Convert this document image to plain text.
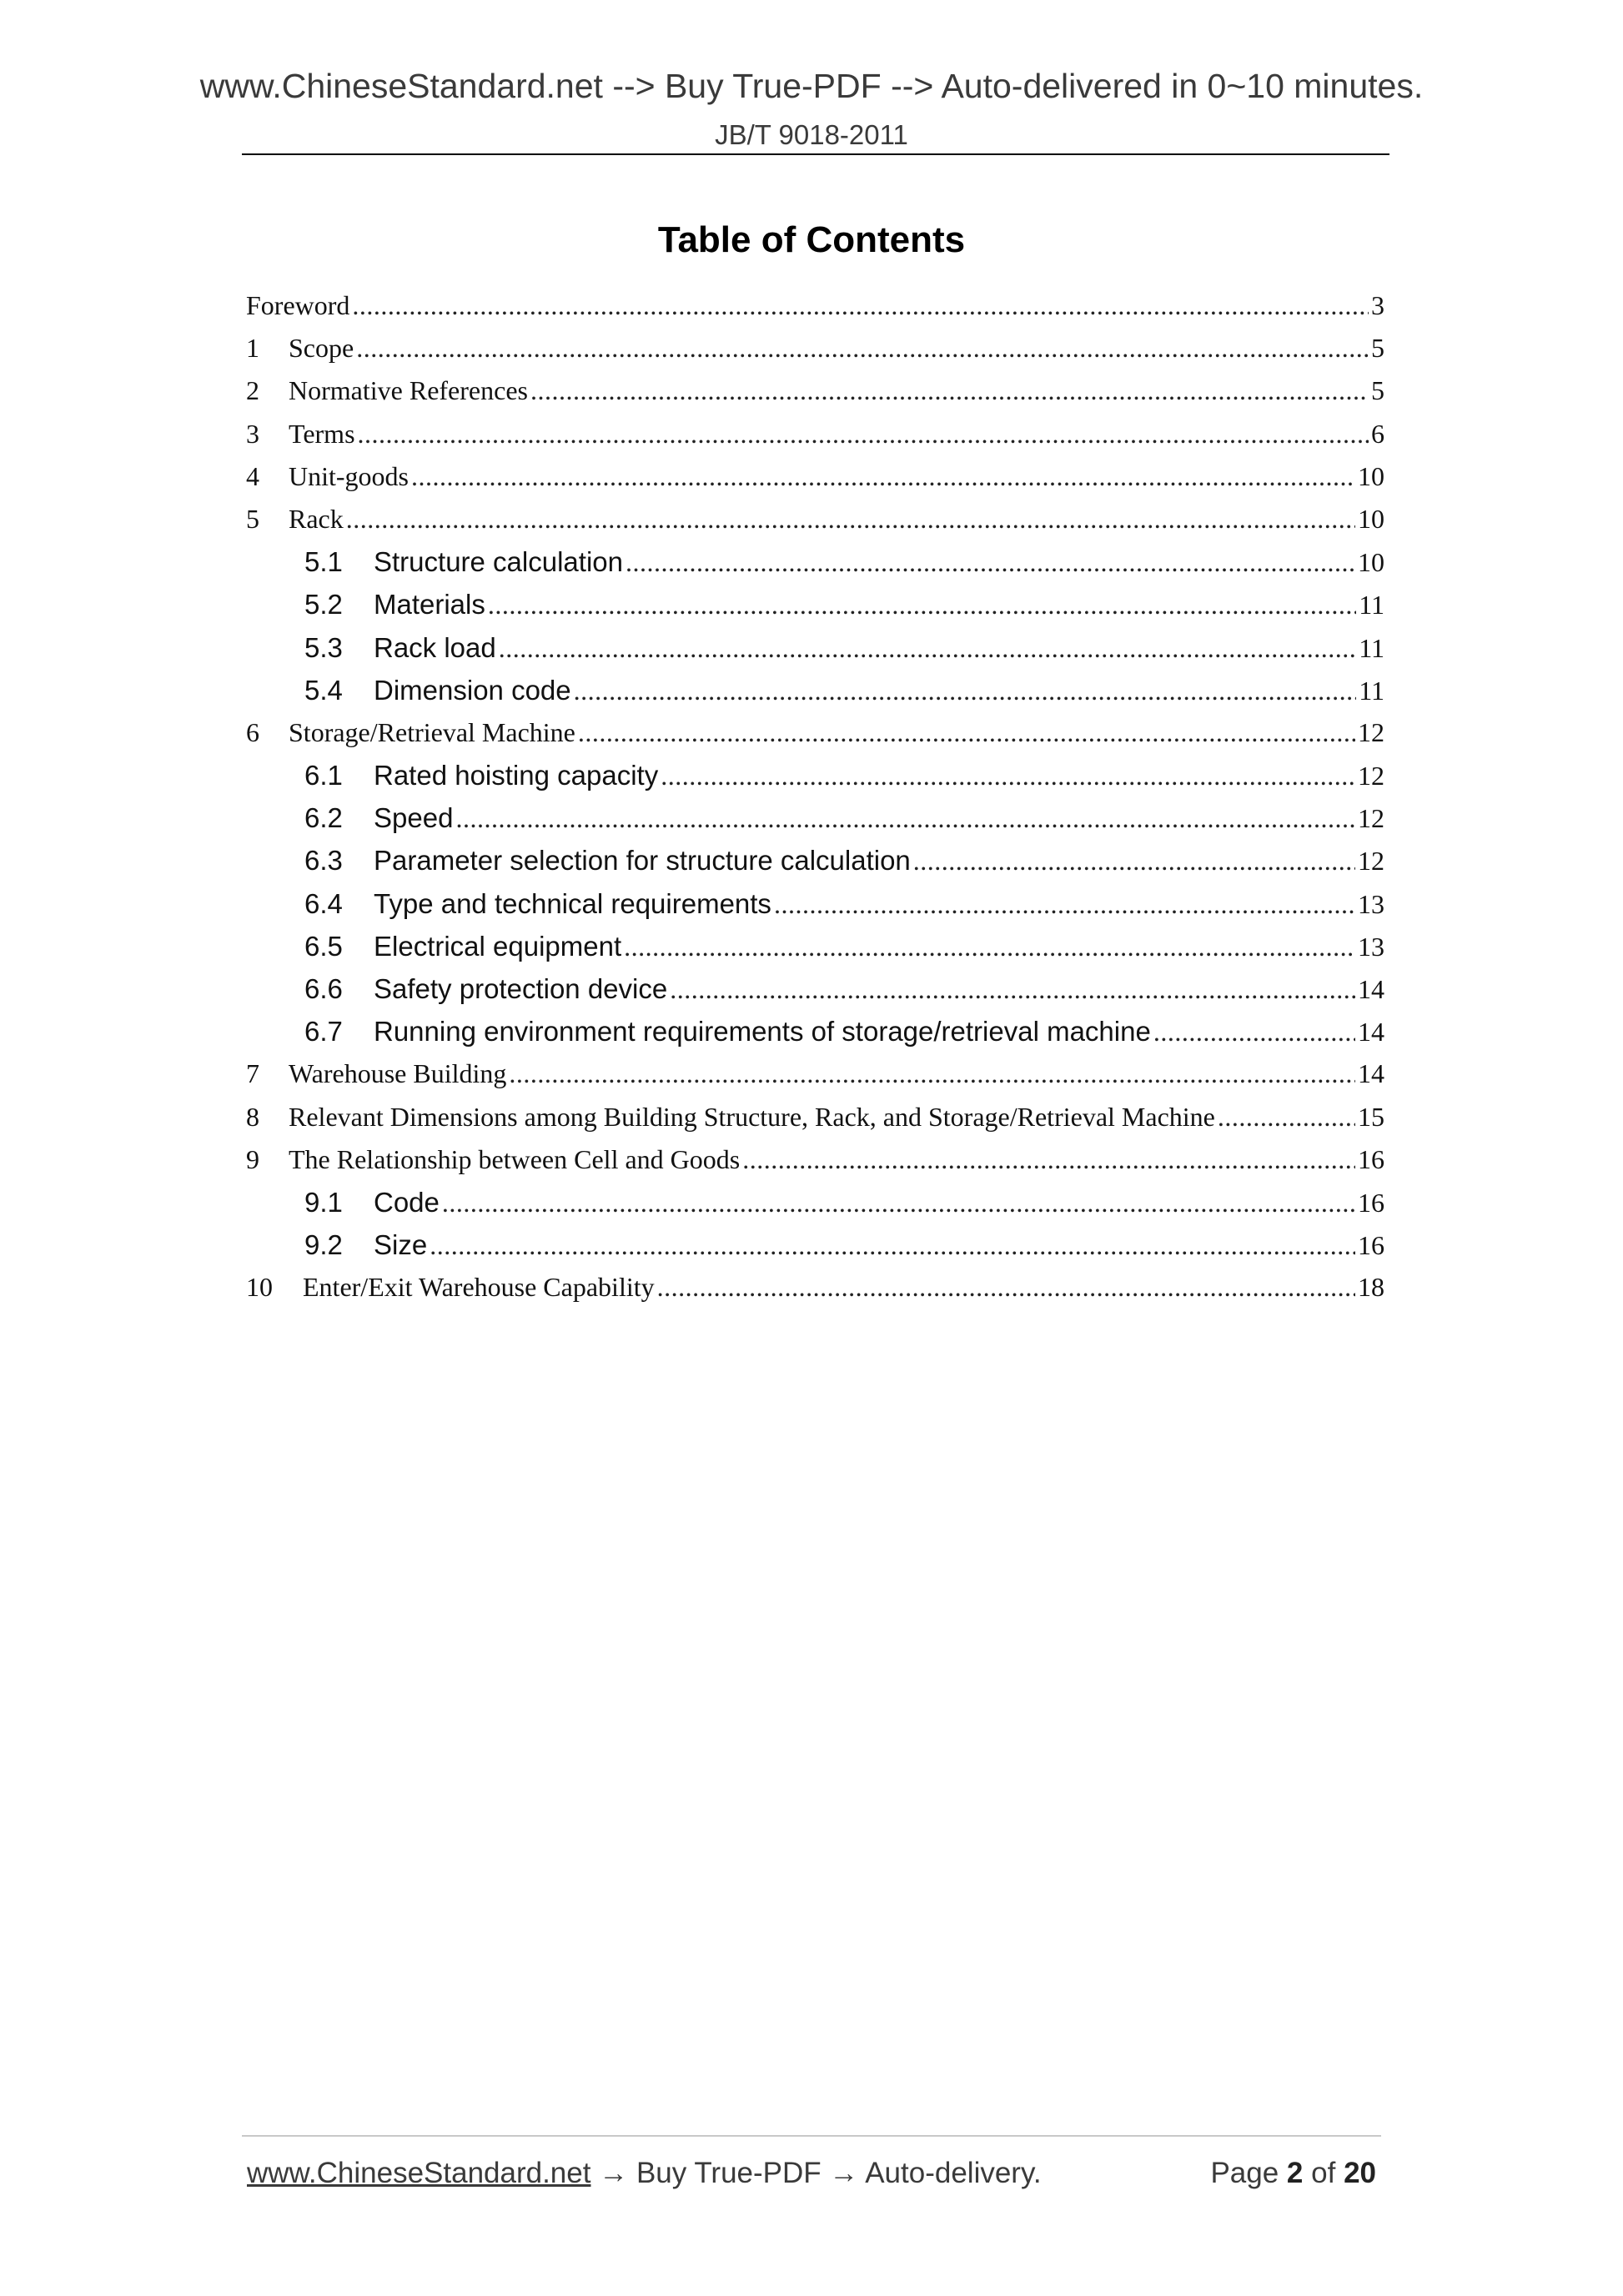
www.ChineseStandard.net --> Buy True-PDF --> Auto-delivered in 0~10 minutes.
JB/T 9018-2011
Table of Contents
Foreword .....	3
1	Scope .....	5
2	Normative References .....	5
3	Terms .....	6
4	Unit-goods .....	10
5	Rack .....	10
5.1	Structure calculation .....	10
5.2	Materials .....	11
5.3	Rack load .....	11
5.4	Dimension code .....	11
6	Storage/Retrieval Machine .....	12
6.1	Rated hoisting capacity .....	12
6.2	Speed .....	12
6.3	Parameter selection for structure calculation .....	12
6.4	Type and technical requirements .....	13
6.5	Electrical equipment .....	13
6.6	Safety protection device .....	14
6.7	Running environment requirements of storage/retrieval machine .....	14
7	Warehouse Building .....	14
8	Relevant Dimensions among Building Structure, Rack, and Storage/Retrieval Machine .....	15
9	The Relationship between Cell and Goods .....	16
9.1	Code .....	16
9.2	Size .....	16
10	Enter/Exit Warehouse Capability .....	18
www.ChineseStandard.net → Buy True-PDF → Auto-delivery.	Page 2 of 20
